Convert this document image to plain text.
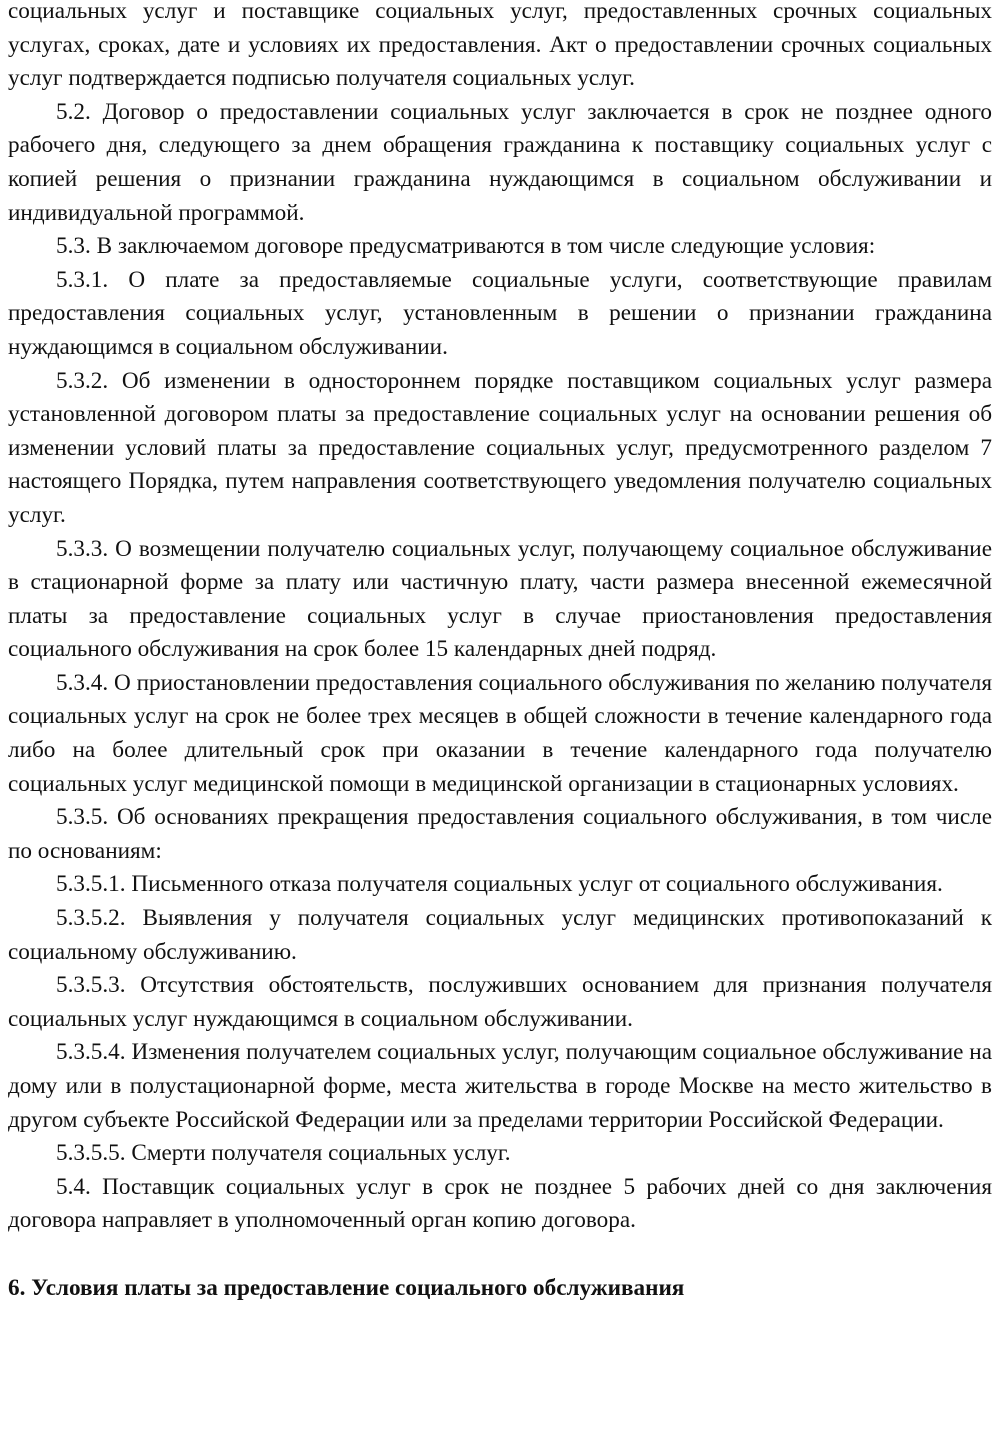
социальных услуг и поставщике социальных услуг, предоставленных срочных социальных услугах, сроках, дате и условиях их предоставления. Акт о предоставлении срочных социальных услуг подтверждается подписью получателя социальных услуг.

5.2. Договор о предоставлении социальных услуг заключается в срок не позднее одного рабочего дня, следующего за днем обращения гражданина к поставщику социальных услуг с копией решения о признании гражданина нуждающимся в социальном обслуживании и индивидуальной программой.

5.3. В заключаемом договоре предусматриваются в том числе следующие условия:

5.3.1. О плате за предоставляемые социальные услуги, соответствующие правилам предоставления социальных услуг, установленным в решении о признании гражданина нуждающимся в социальном обслуживании.

5.3.2. Об изменении в одностороннем порядке поставщиком социальных услуг размера установленной договором платы за предоставление социальных услуг на основании решения об изменении условий платы за предоставление социальных услуг, предусмотренного разделом 7 настоящего Порядка, путем направления соответствующего уведомления получателю социальных услуг.

5.3.3. О возмещении получателю социальных услуг, получающему социальное обслуживание в стационарной форме за плату или частичную плату, части размера внесенной ежемесячной платы за предоставление социальных услуг в случае приостановления предоставления социального обслуживания на срок более 15 календарных дней подряд.

5.3.4. О приостановлении предоставления социального обслуживания по желанию получателя социальных услуг на срок не более трех месяцев в общей сложности в течение календарного года либо на более длительный срок при оказании в течение календарного года получателю социальных услуг медицинской помощи в медицинской организации в стационарных условиях.

5.3.5. Об основаниях прекращения предоставления социального обслуживания, в том числе по основаниям:

5.3.5.1. Письменного отказа получателя социальных услуг от социального обслуживания.

5.3.5.2. Выявления у получателя социальных услуг медицинских противопоказаний к социальному обслуживанию.

5.3.5.3. Отсутствия обстоятельств, послуживших основанием для признания получателя социальных услуг нуждающимся в социальном обслуживании.

5.3.5.4. Изменения получателем социальных услуг, получающим социальное обслуживание на дому или в полустационарной форме, места жительства в городе Москве на место жительство в другом субъекте Российской Федерации или за пределами территории Российской Федерации.

5.3.5.5. Смерти получателя социальных услуг.

5.4. Поставщик социальных услуг в срок не позднее 5 рабочих дней со дня заключения договора направляет в уполномоченный орган копию договора.

6. Условия платы за предоставление социального обслуживания
